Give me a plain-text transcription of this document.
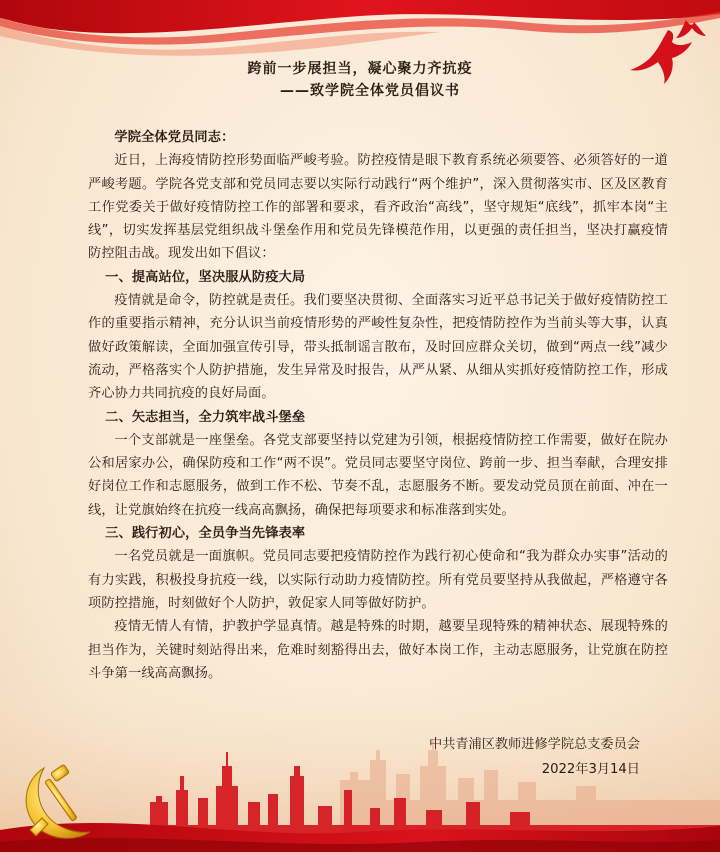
跨前一步展担当，凝心聚力齐抗疫

——致学院全体党员倡议书

学院全体党员同志：

近日，上海疫情防控形势面临严峻考验。防控疫情是眼下教育系统必须要答、必须答好的一道严峻考题。学院各党支部和党员同志要以实际行动践行“两个维护”，深入贯彻落实市、区及区教育工作党委关于做好疫情防控工作的部署和要求，看齐政治“高线”，坚守规矩“底线”，抓牢本岗“主线”，切实发挥基层党组织战斗堡垒作用和党员先锋模范作用，以更强的责任担当，坚决打赢疫情防控阻击战。现发出如下倡议：

一、提高站位，坚决服从防疫大局

疫情就是命令，防控就是责任。我们要坚决贯彻、全面落实习近平总书记关于做好疫情防控工作的重要指示精神，充分认识当前疫情形势的严峻性复杂性，把疫情防控作为当前头等大事，认真做好政策解读，全面加强宣传引导，带头抵制谣言散布，及时回应群众关切，做到“两点一线”减少流动，严格落实个人防护措施，发生异常及时报告，从严从紧、从细从实抓好疫情防控工作，形成齐心协力共同抗疫的良好局面。

二、矢志担当，全力筑牢战斗堡垒

一个支部就是一座堡垒。各党支部要坚持以党建为引领，根据疫情防控工作需要，做好在院办公和居家办公，确保防疫和工作“两不误”。党员同志要坚守岗位、跨前一步、担当奉献，合理安排好岗位工作和志愿服务，做到工作不松、节奏不乱，志愿服务不断。要发动党员顶在前面、冲在一线，让党旗始终在抗疫一线高高飘扬，确保把每项要求和标准落到实处。

三、践行初心，全员争当先锋表率

一名党员就是一面旗帜。党员同志要把疫情防控作为践行初心使命和“我为群众办实事”活动的有力实践，积极投身抗疫一线，以实际行动助力疫情防控。所有党员要坚持从我做起，严格遵守各项防控措施，时刻做好个人防护，敦促家人同等做好防护。

疫情无情人有情，护教护学显真情。越是特殊的时期，越要呈现特殊的精神状态、展现特殊的担当作为，关键时刻站得出来，危难时刻豁得出去，做好本岗工作，主动志愿服务，让党旗在防控斗争第一线高高飘扬。

中共青浦区教师进修学院总支委员会
2022年3月14日
